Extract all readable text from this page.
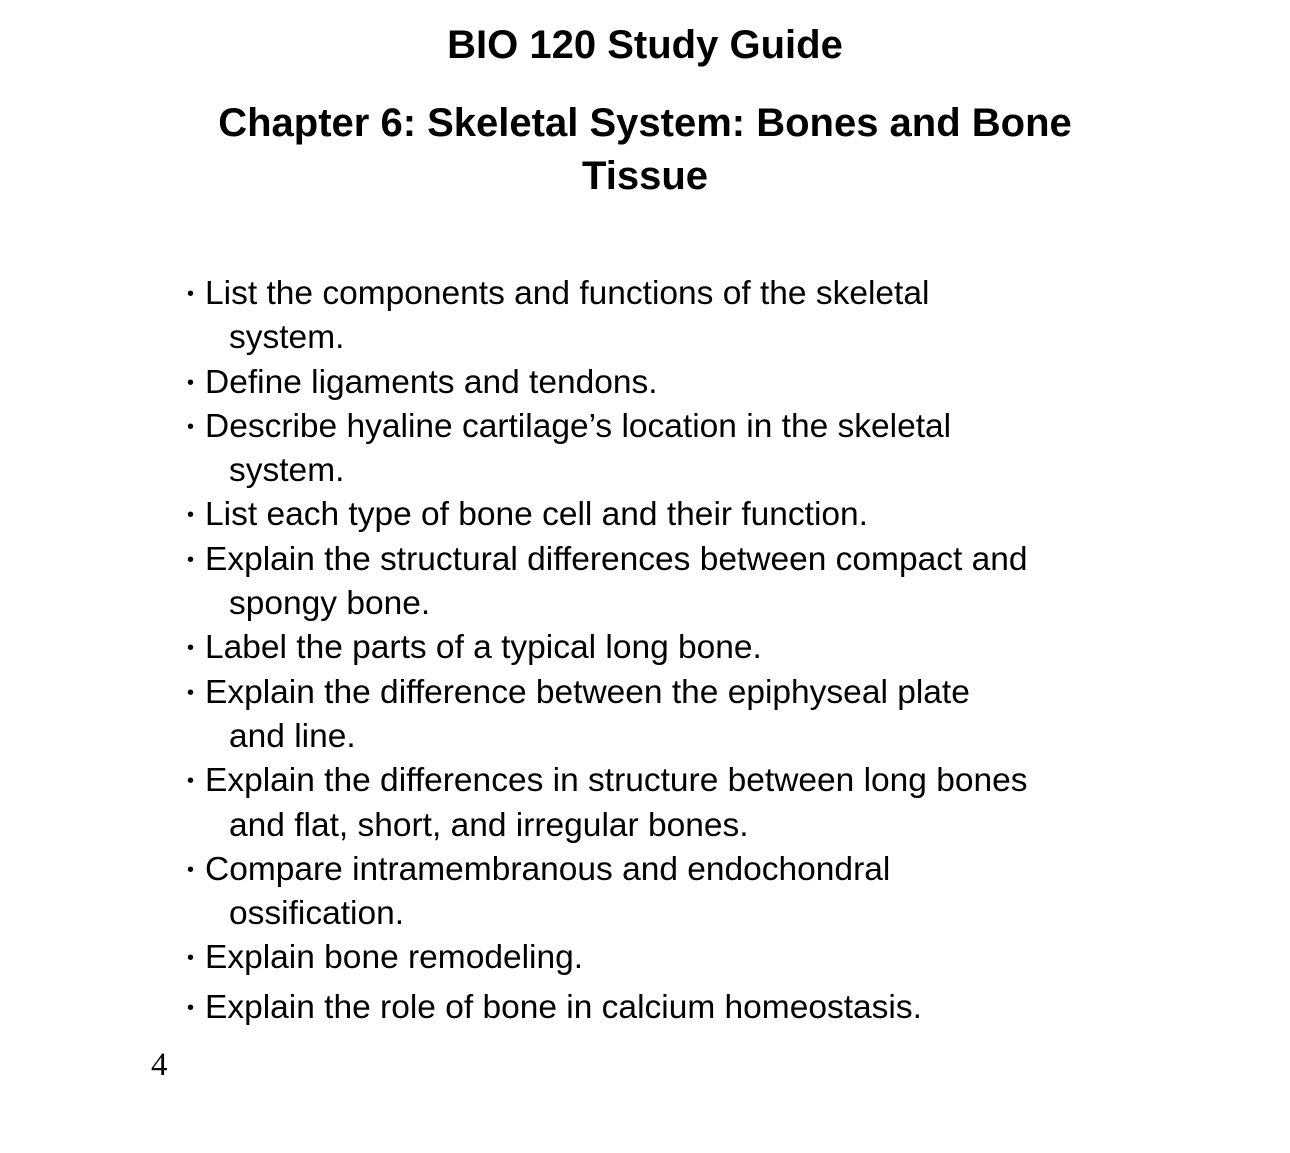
BIO 120 Study Guide
Chapter 6: Skeletal System: Bones and Bone Tissue
• List the components and functions of the skeletal
system.
• Define ligaments and tendons.
• Describe hyaline cartilage’s location in the skeletal
system.
• List each type of bone cell and their function.
• Explain the structural differences between compact and
spongy bone.
• Label the parts of a typical long bone.
• Explain the difference between the epiphyseal plate
and line.
• Explain the differences in structure between long bones
and flat, short, and irregular bones.
• Compare intramembranous and endochondral
ossification.
• Explain bone remodeling.
• Explain the role of bone in calcium homeostasis.

4
